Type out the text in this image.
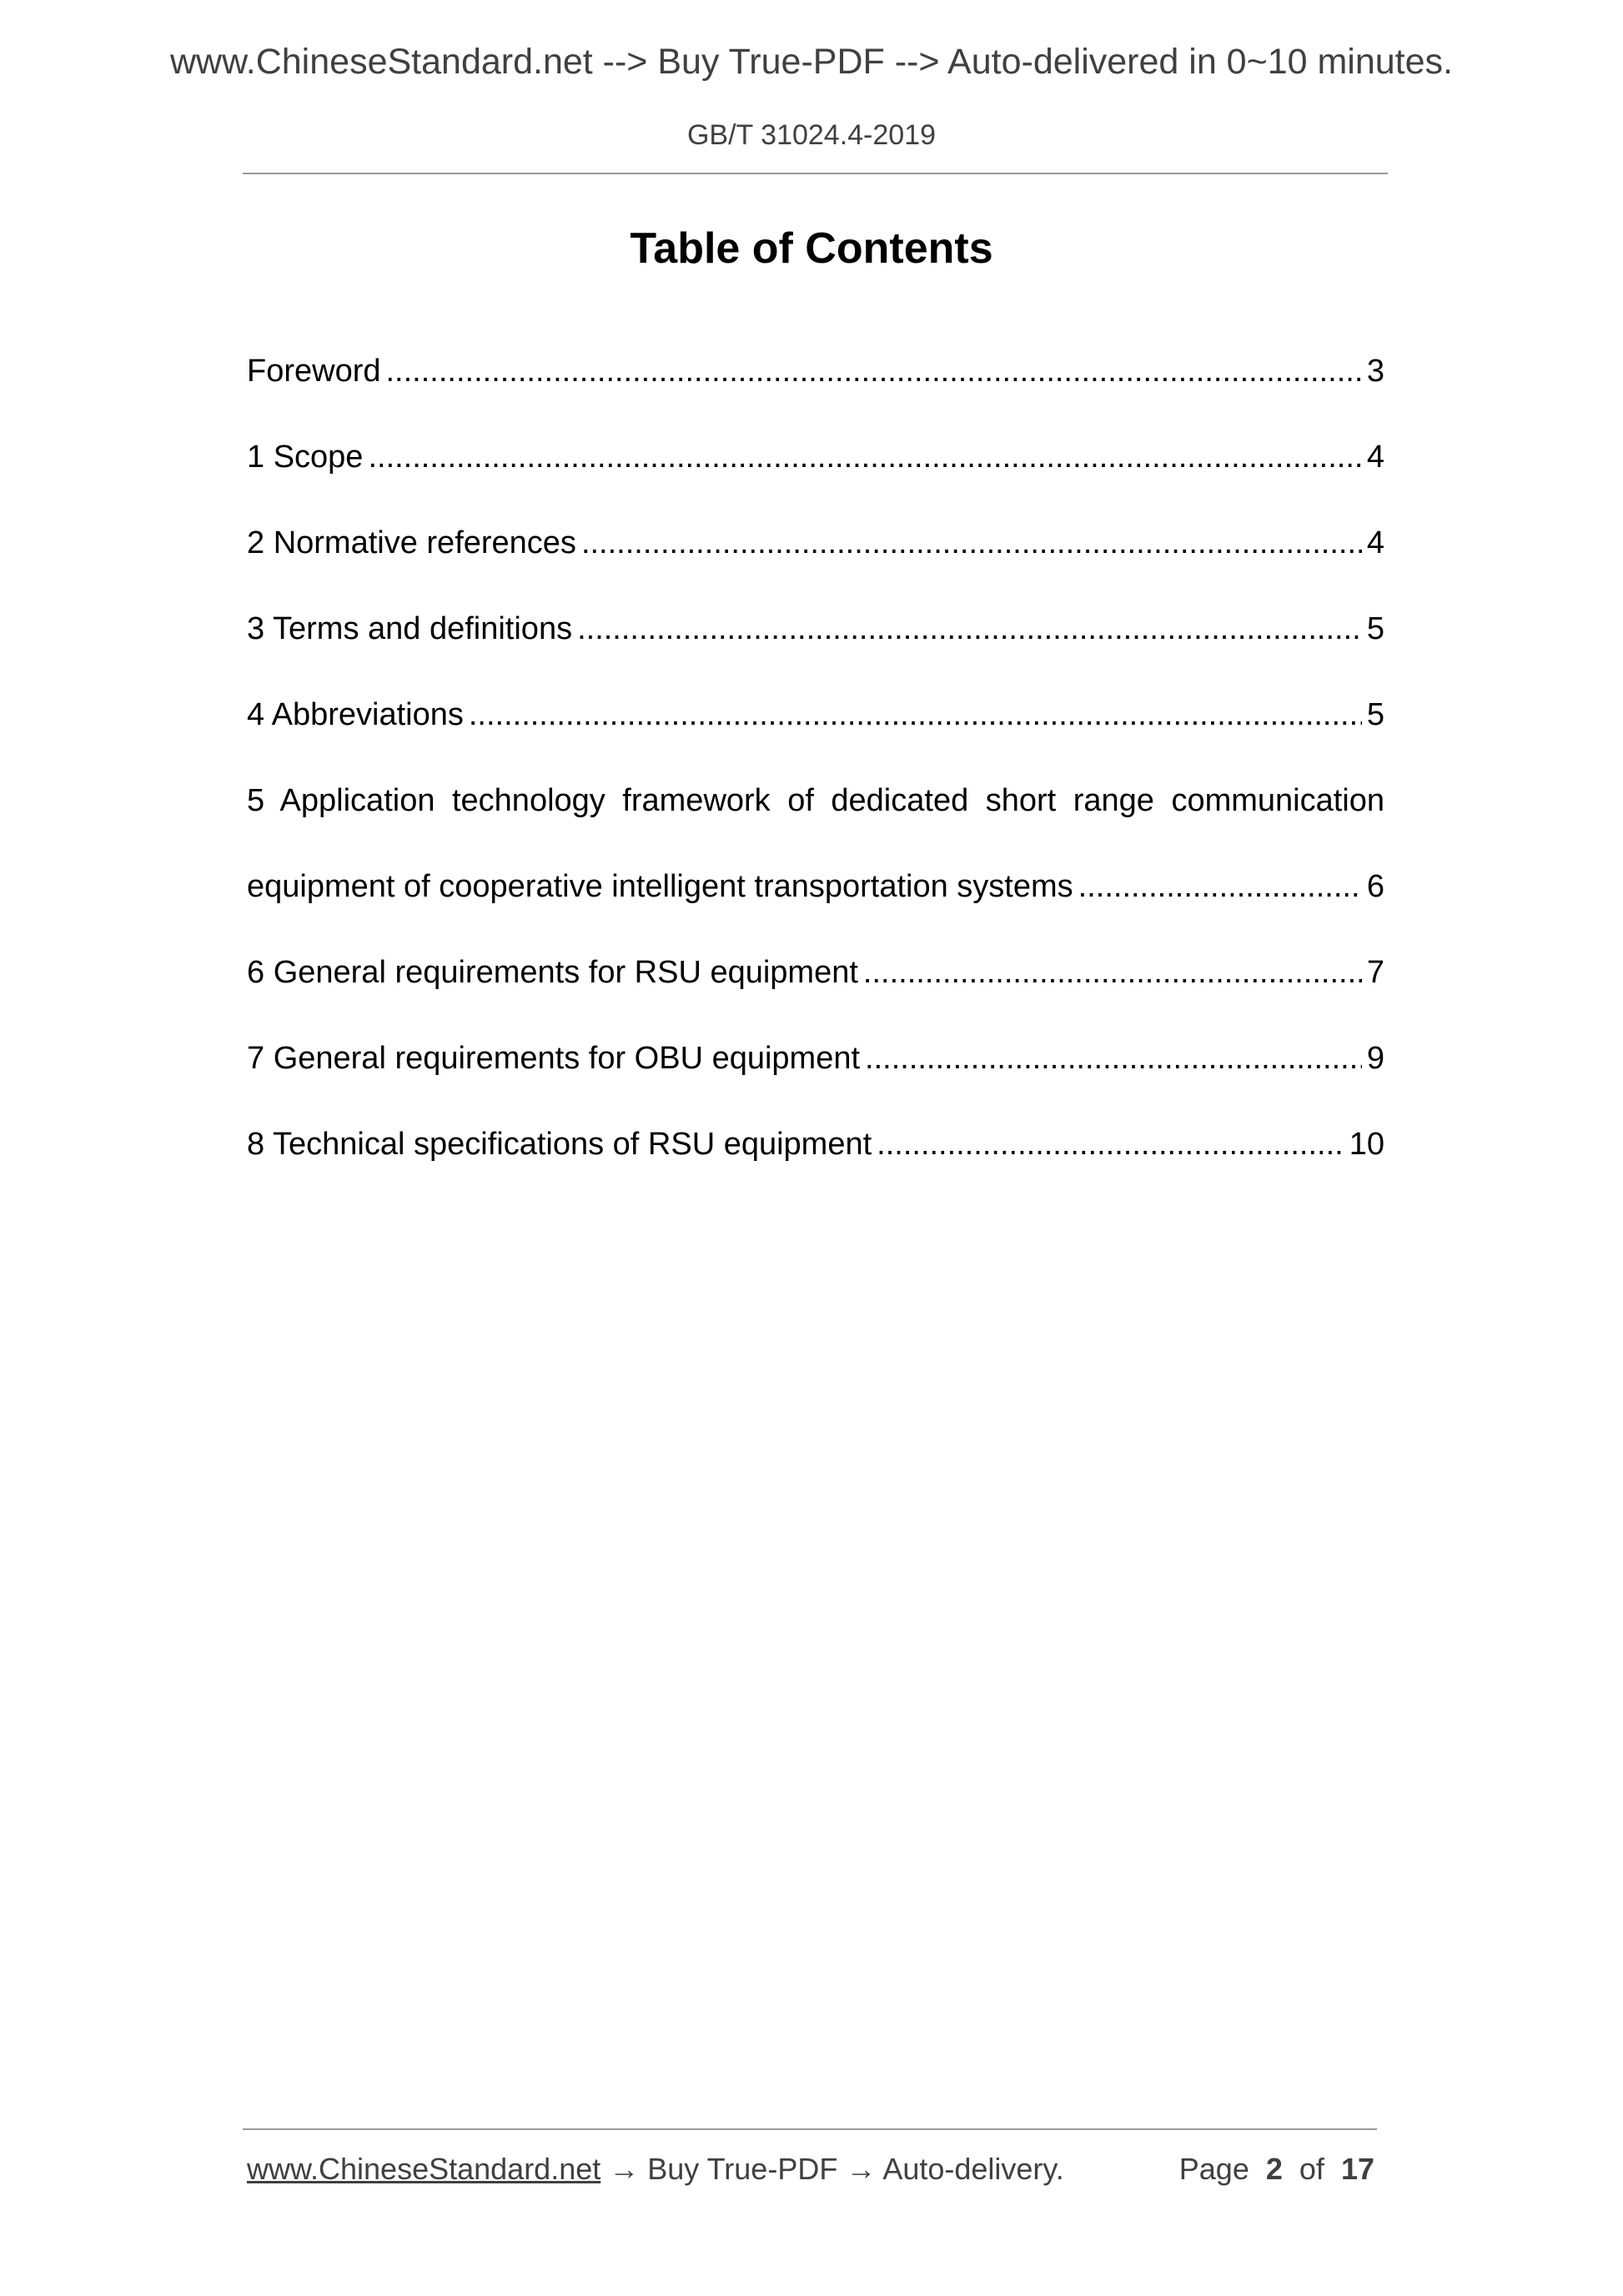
www.ChineseStandard.net --> Buy True-PDF --> Auto-delivered in 0~10 minutes.
GB/T 31024.4-2019
Table of Contents
Foreword .....	3
1 Scope .....	4
2 Normative references .....	4
3 Terms and definitions .....	5
4 Abbreviations .....	5
5 Application technology framework of dedicated short range communication
equipment of cooperative intelligent transportation systems .....	6
6 General requirements for RSU equipment .....	7
7 General requirements for OBU equipment .....	9
8 Technical specifications of RSU equipment .....	10
www.ChineseStandard.net → Buy True-PDF → Auto-delivery.	Page 2 of 17
